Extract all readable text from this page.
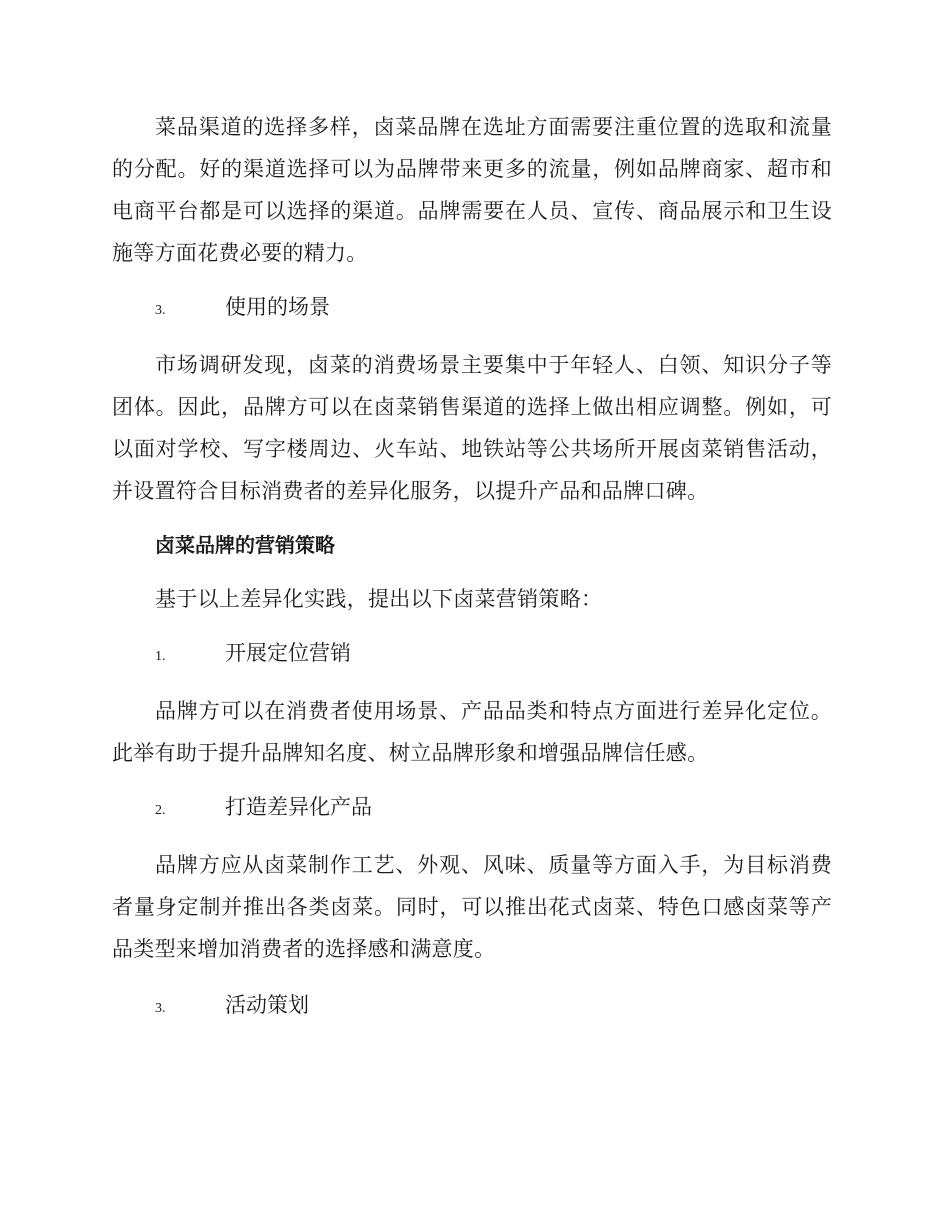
菜品渠道的选择多样，卤菜品牌在选址方面需要注重位置的选取和流量的分配。好的渠道选择可以为品牌带来更多的流量，例如品牌商家、超市和电商平台都是可以选择的渠道。品牌需要在人员、宣传、商品展示和卫生设施等方面花费必要的精力。

3.	使用的场景

市场调研发现，卤菜的消费场景主要集中于年轻人、白领、知识分子等团体。因此，品牌方可以在卤菜销售渠道的选择上做出相应调整。例如，可以面对学校、写字楼周边、火车站、地铁站等公共场所开展卤菜销售活动，并设置符合目标消费者的差异化服务，以提升产品和品牌口碑。

卤菜品牌的营销策略

基于以上差异化实践，提出以下卤菜营销策略：

1.	开展定位营销

品牌方可以在消费者使用场景、产品品类和特点方面进行差异化定位。此举有助于提升品牌知名度、树立品牌形象和增强品牌信任感。

2.	打造差异化产品

品牌方应从卤菜制作工艺、外观、风味、质量等方面入手，为目标消费者量身定制并推出各类卤菜。同时，可以推出花式卤菜、特色口感卤菜等产品类型来增加消费者的选择感和满意度。

3.	活动策划
